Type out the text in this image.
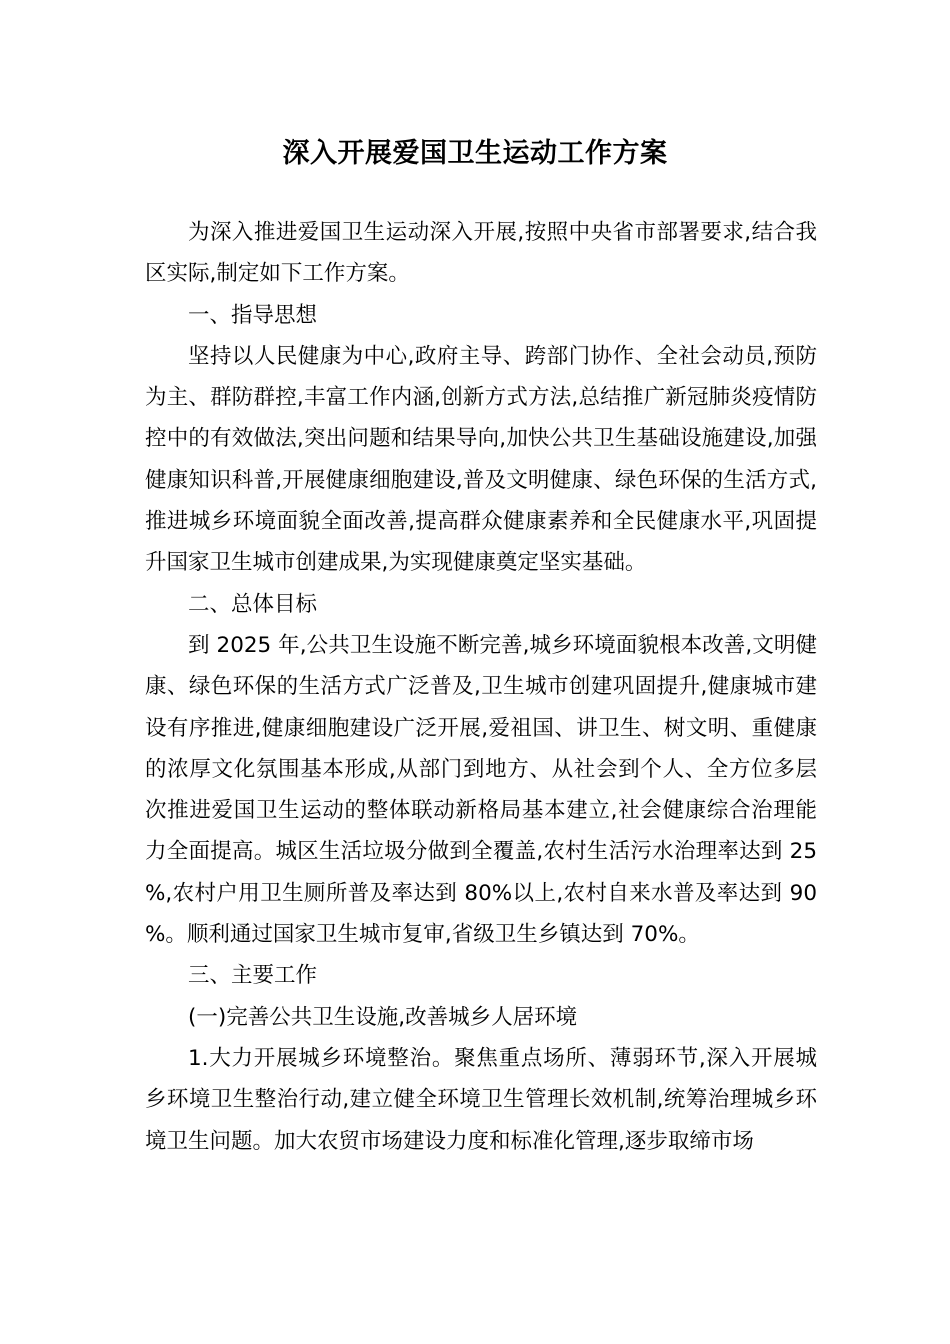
深入开展爱国卫生运动工作方案

为深入推进爱国卫生运动深入开展,按照中央省市部署要求,结合我区实际,制定如下工作方案。

一、指导思想

坚持以人民健康为中心,政府主导、跨部门协作、全社会动员,预防为主、群防群控,丰富工作内涵,创新方式方法,总结推广新冠肺炎疫情防控中的有效做法,突出问题和结果导向,加快公共卫生基础设施建设,加强健康知识科普,开展健康细胞建设,普及文明健康、绿色环保的生活方式,推进城乡环境面貌全面改善,提高群众健康素养和全民健康水平,巩固提升国家卫生城市创建成果,为实现健康奠定坚实基础。

二、总体目标

到 2025 年,公共卫生设施不断完善,城乡环境面貌根本改善,文明健康、绿色环保的生活方式广泛普及,卫生城市创建巩固提升,健康城市建设有序推进,健康细胞建设广泛开展,爱祖国、讲卫生、树文明、重健康的浓厚文化氛围基本形成,从部门到地方、从社会到个人、全方位多层次推进爱国卫生运动的整体联动新格局基本建立,社会健康综合治理能力全面提高。城区生活垃圾分做到全覆盖,农村生活污水治理率达到 25%,农村户用卫生厕所普及率达到 80%以上,农村自来水普及率达到 90%。顺利通过国家卫生城市复审,省级卫生乡镇达到 70%。

三、主要工作

(一)完善公共卫生设施,改善城乡人居环境

1.大力开展城乡环境整治。聚焦重点场所、薄弱环节,深入开展城乡环境卫生整治行动,建立健全环境卫生管理长效机制,统筹治理城乡环境卫生问题。加大农贸市场建设力度和标准化管理,逐步取缔市场
